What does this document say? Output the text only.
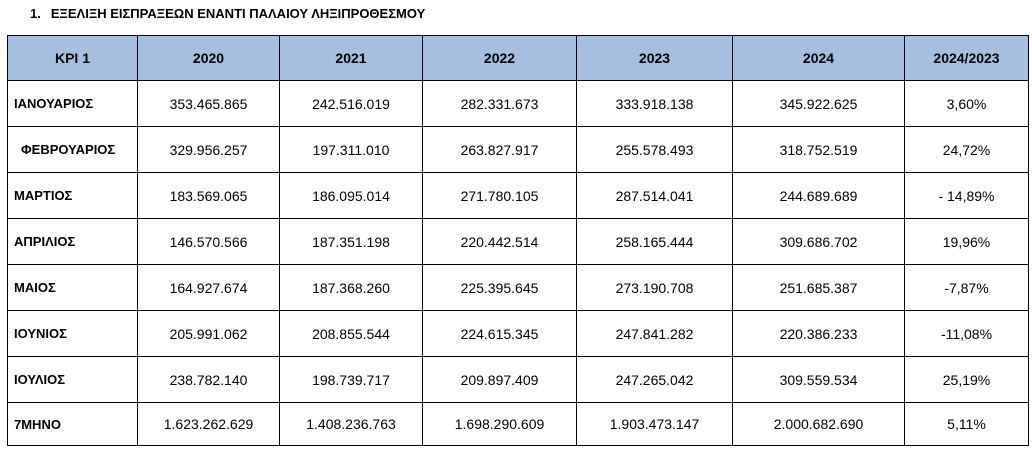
1. ΕΞΕΛΙΞΗ ΕΙΣΠΡΑΞΕΩΝ ΕΝΑΝΤΙ ΠΑΛΑΙΟΥ ΛΗΞΙΠΡΟΘΕΣΜΟΥ
KPI 1	2020	2021	2022	2023	2024	2024/2023
ΙΑΝΟΥΑΡΙΟΣ	353.465.865	242.516.019	282.331.673	333.918.138	345.922.625	3,60%
ΦΕΒΡΟΥΑΡΙΟΣ	329.956.257	197.311.010	263.827.917	255.578.493	318.752.519	24,72%
ΜΑΡΤΙΟΣ	183.569.065	186.095.014	271.780.105	287.514.041	244.689.689	- 14,89%
ΑΠΡΙΛΙΟΣ	146.570.566	187.351.198	220.442.514	258.165.444	309.686.702	19,96%
ΜΑΙΟΣ	164.927.674	187.368.260	225.395.645	273.190.708	251.685.387	-7,87%
ΙΟΥΝΙΟΣ	205.991.062	208.855.544	224.615.345	247.841.282	220.386.233	-11,08%
ΙΟΥΛΙΟΣ	238.782.140	198.739.717	209.897.409	247.265.042	309.559.534	25,19%
7ΜΗΝΟ	1.623.262.629	1.408.236.763	1.698.290.609	1.903.473.147	2.000.682.690	5,11%
